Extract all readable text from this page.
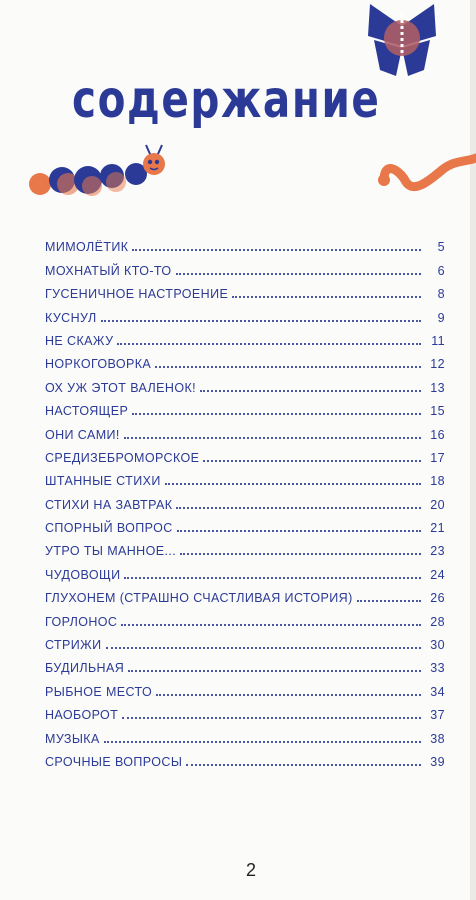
содержание
МИМОЛЁТИК	5
МОХНАТЫЙ КТО-ТО	6
ГУСЕНИЧНОЕ НАСТРОЕНИЕ	8
КУСНУЛ	9
НЕ СКАЖУ	11
НОРКОГОВОРКА	12
ОХ УЖ ЭТОТ ВАЛЕНОК!	13
НАСТОЯЩЕР	15
ОНИ САМИ!	16
СРЕДИЗЕБРОМОРСКОЕ	17
ШТАННЫЕ СТИХИ	18
СТИХИ НА ЗАВТРАК	20
СПОРНЫЙ ВОПРОС	21
УТРО ТЫ МАННОЕ...	23
ЧУДОВОЩИ	24
ГЛУХОНЕМ (СТРАШНО СЧАСТЛИВАЯ ИСТОРИЯ)	26
ГОРЛОНОС	28
СТРИЖИ	30
БУДИЛЬНАЯ	33
РЫБНОЕ МЕСТО	34
НАОБОРОТ	37
МУЗЫКА	38
СРОЧНЫЕ ВОПРОСЫ	39
2
